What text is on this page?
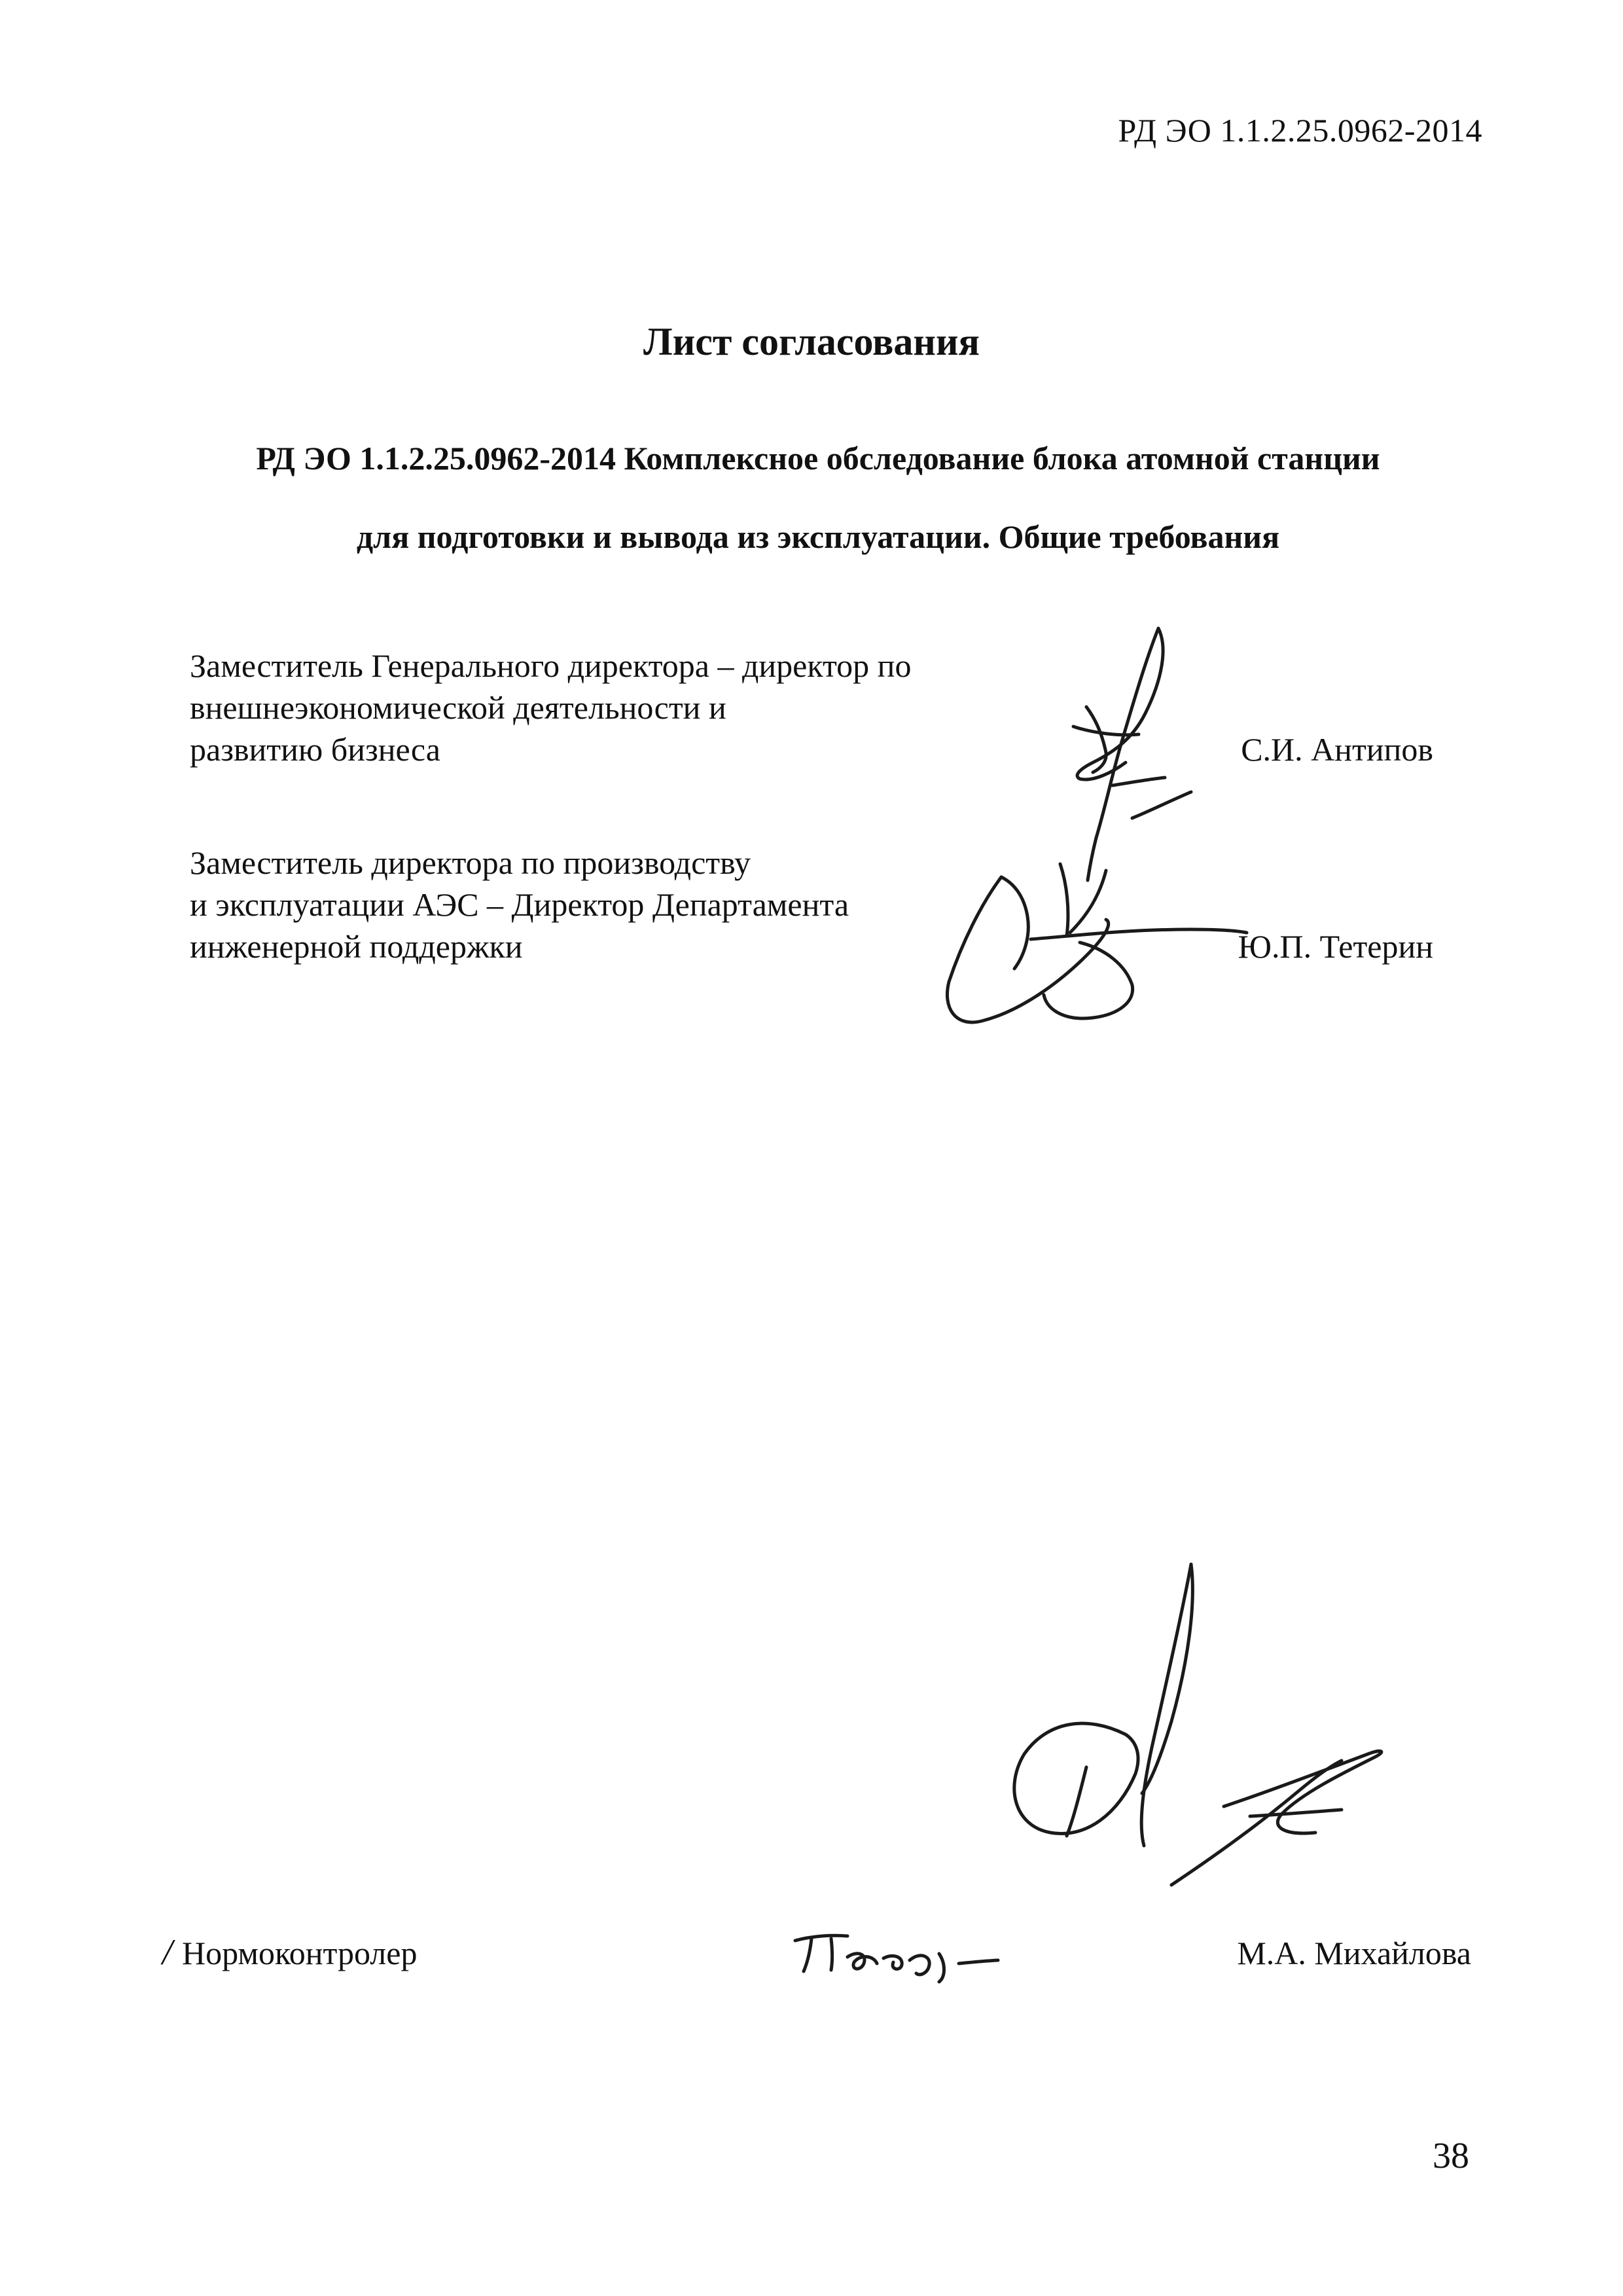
РД ЭО 1.1.2.25.0962-2014
Лист согласования
РД ЭО 1.1.2.25.0962-2014 Комплексное обследование блока атомной станции
для подготовки и вывода из эксплуатации. Общие требования
Заместитель Генерального директора – директор по
внешнеэкономической деятельности и
развитию бизнеса	С.И. Антипов
Заместитель директора по производству
и эксплуатации АЭС – Директор Департамента
инженерной поддержки	Ю.П. Тетерин
/ Нормоконтролер	М.А. Михайлова
38
